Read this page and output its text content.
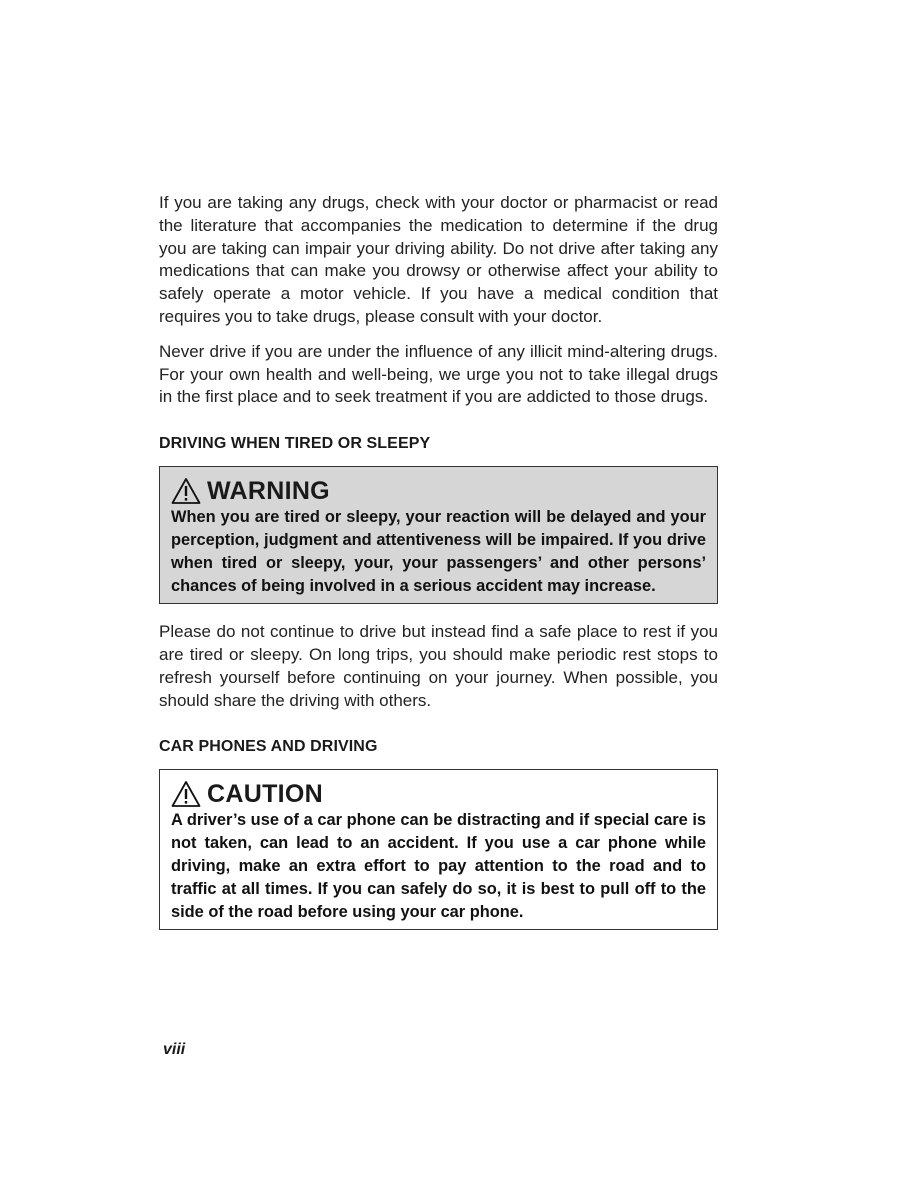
If you are taking any drugs, check with your doctor or pharmacist or read the literature that accompanies the medication to determine if the drug you are taking can impair your driving ability. Do not drive after taking any medications that can make you drowsy or otherwise affect your ability to safely operate a motor vehicle. If you have a medical condition that requires you to take drugs, please consult with your doctor.

Never drive if you are under the influence of any illicit mind-altering drugs. For your own health and well-being, we urge you not to take illegal drugs in the first place and to seek treatment if you are addicted to those drugs.

DRIVING WHEN TIRED OR SLEEPY
WARNING

When you are tired or sleepy, your reaction will be delayed and your perception, judgment and attentiveness will be impaired. If you drive when tired or sleepy, your, your passengers’ and other persons’ chances of being involved in a serious accident may increase.

Please do not continue to drive but instead find a safe place to rest if you are tired or sleepy. On long trips, you should make periodic rest stops to refresh yourself before continuing on your journey. When possible, you should share the driving with others.

CAR PHONES AND DRIVING
CAUTION

A driver’s use of a car phone can be distracting and if special care is not taken, can lead to an accident. If you use a car phone while driving, make an extra effort to pay attention to the road and to traffic at all times. If you can safely do so, it is best to pull off to the side of the road before using your car phone.

viii
